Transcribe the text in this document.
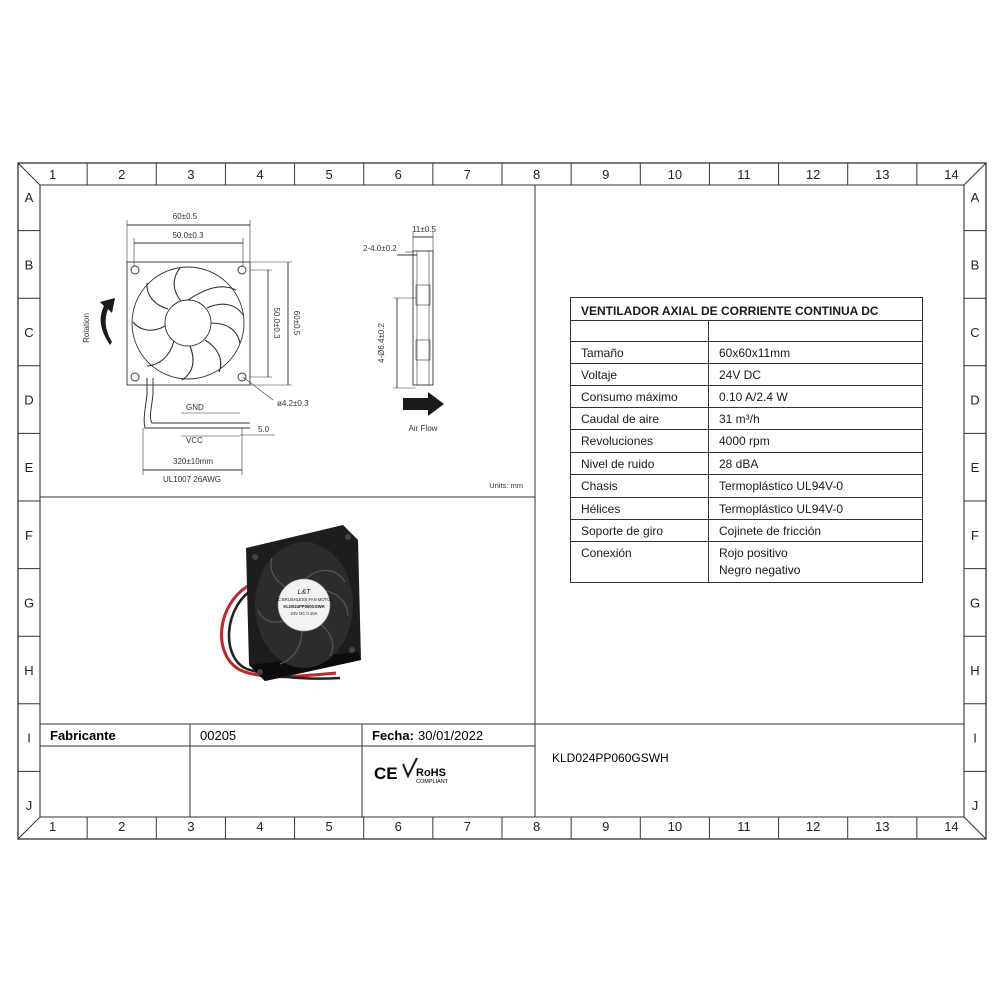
1
1
2
2
3
3
4
4
5
5
6
6
7
7
8
8
9
9
10
10
11
11
12
12
13
13
14
14
A	A
B	B
C	C
D	D
E	E
F	F
G	G
H	H
I	I
J	J
60±0.5
50.0±0.3
50.0±0.3 60±0.5
ø4.2±0.3
Rotation
GND
VCC
5.0
320±10mm
UL1007 26AWG
11±0.5
2-4.0±0.2
4-Ø6.4±0.2
Air Flow
Units: mm
L&T
DC BRUSHLESS FAN MOTOR
KLD024PP060GSWH
24V DC 0.10A
Fabricante	00205	Fecha: 30/01/2022
KLD024PP060GSWH
CE RoHS
COMPLIANT
VENTILADOR AXIAL DE CORRIENTE CONTINUA DC
Tamaño	60x60x11mm
Voltaje	24V DC
Consumo máximo	0.10 A/2.4 W
Caudal de aire	31 m³/h
Revoluciones	4000 rpm
Nivel de ruido	28 dBA
Chasis	Termoplástico UL94V-0
Hélices	Termoplástico UL94V-0
Soporte de giro	Cojinete de fricción
Conexión	Rojo positivo
Negro negativo
